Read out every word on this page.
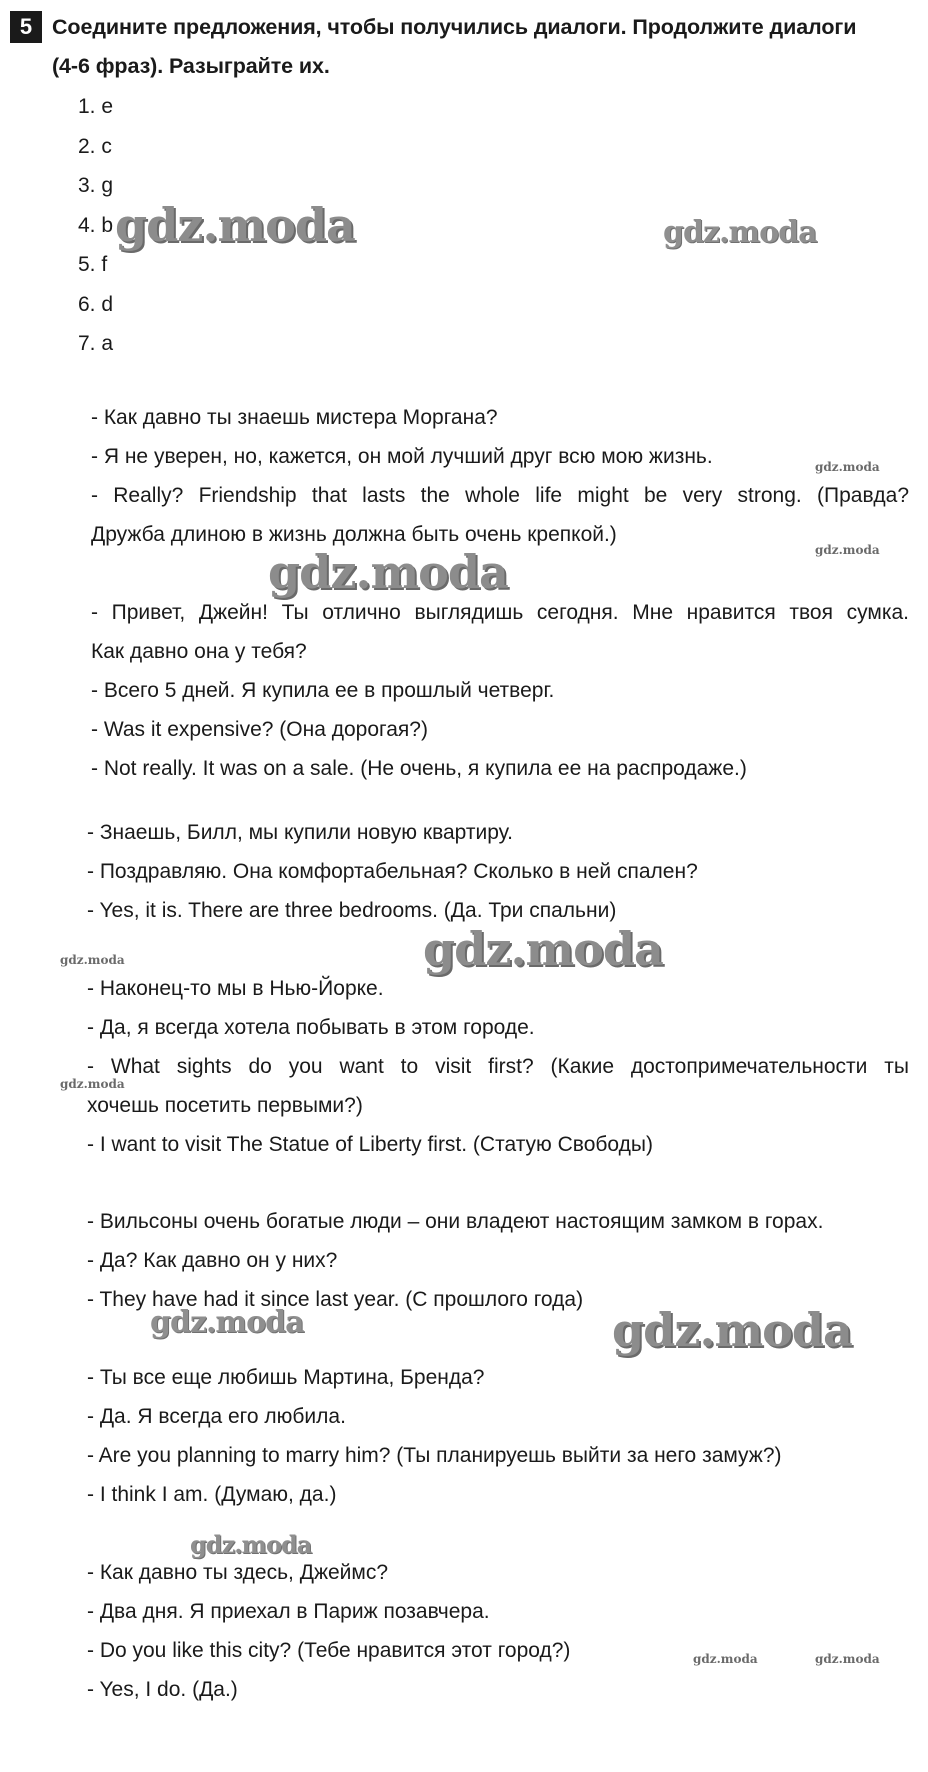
5 Соедините предложения, чтобы получились диалоги. Продолжите диалоги
(4-6 фраз). Разыграйте их.
1. e
2. c
3. g
4. b
5. f
6. d
7. a
- Как давно ты знаешь мистера Моргана?
- Я не уверен, но, кажется, он мой лучший друг всю мою жизнь.
- Really? Friendship that lasts the whole life might be very strong. (Правда?
Дружба длиною в жизнь должна быть очень крепкой.)
- Привет, Джейн! Ты отлично выглядишь сегодня. Мне нравится твоя сумка.
Как давно она у тебя?
- Всего 5 дней. Я купила ее в прошлый четверг.
- Was it expensive? (Она дорогая?)
- Not really. It was on a sale. (Не очень, я купила ее на распродаже.)
- Знаешь, Билл, мы купили новую квартиру.
- Поздравляю. Она комфортабельная? Сколько в ней спален?
- Yes, it is. There are three bedrooms. (Да. Три спальни)
- Наконец-то мы в Нью-Йорке.
- Да, я всегда хотела побывать в этом городе.
- What sights do you want to visit first? (Какие достопримечательности ты
хочешь посетить первыми?)
- I want to visit The Statue of Liberty first. (Статую Свободы)
- Вильсоны очень богатые люди – они владеют настоящим замком в горах.
- Да? Как давно он у них?
- They have had it since last year. (С прошлого года)
- Ты все еще любишь Мартина, Бренда?
- Да. Я всегда его любила.
- Are you planning to marry him? (Ты планируешь выйти за него замуж?)
- I think I am. (Думаю, да.)
- Как давно ты здесь, Джеймс?
- Два дня. Я приехал в Париж позавчера.
- Do you like this city? (Тебе нравится этот город?)
- Yes, I do. (Да.)
gdz.moda	gdz.moda
gdz.moda
gdz.moda
gdz.moda
gdz.moda
gdz.moda
gdz.moda
gdz.moda	gdz.moda
gdz.moda
gdz.moda	gdz.moda
